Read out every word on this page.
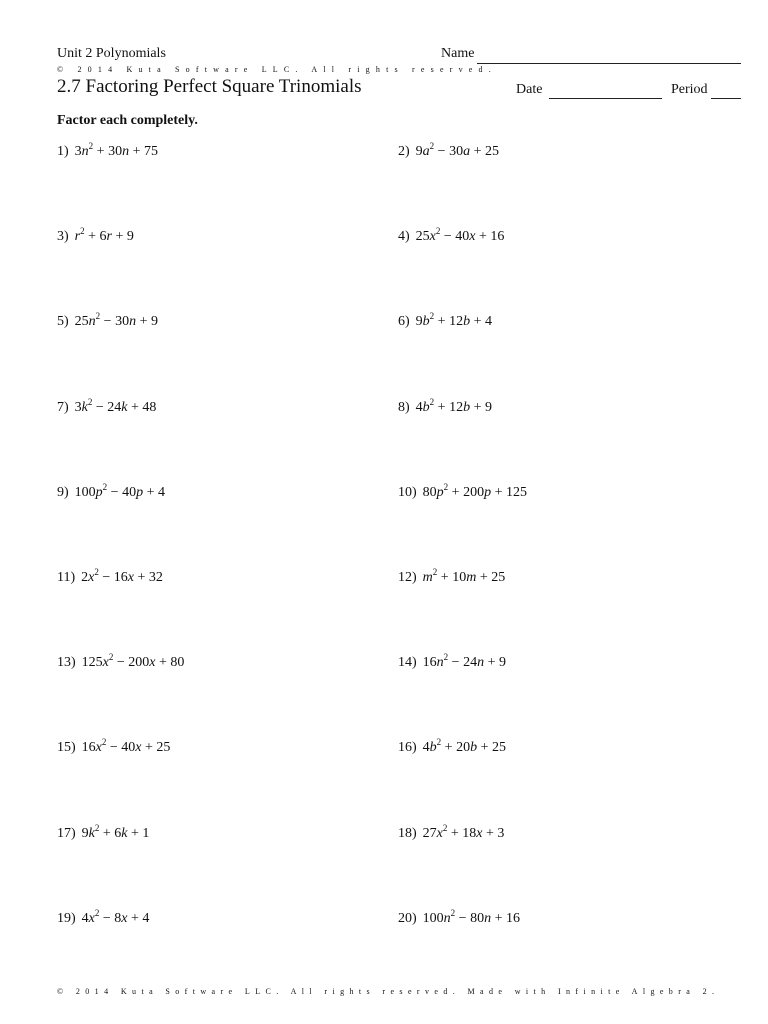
Unit 2 Polynomials	Name
© 2014 Kuta Software LLC. All rights reserved.
2.7 Factoring Perfect Square Trinomials	Date	Period
Factor each completely.
1) $3n^2 + 30n + 75$	2) $9a^2 - 30a + 25$
3) $r^2 + 6r + 9$	4) $25x^2 - 40x + 16$
5) $25n^2 - 30n + 9$	6) $9b^2 + 12b + 4$
7) $3k^2 - 24k + 48$	8) $4b^2 + 12b + 9$
9) $100p^2 - 40p + 4$	10) $80p^2 + 200p + 125$
11) $2x^2 - 16x + 32$	12) $m^2 + 10m + 25$
13) $125x^2 - 200x + 80$	14) $16n^2 - 24n + 9$
15) $16x^2 - 40x + 25$	16) $4b^2 + 20b + 25$
17) $9k^2 + 6k + 1$	18) $27x^2 + 18x + 3$
19) $4x^2 - 8x + 4$	20) $100n^2 - 80n + 16$
© 2014 Kuta Software LLC. All rights reserved. Made with Infinite Algebra 2.
